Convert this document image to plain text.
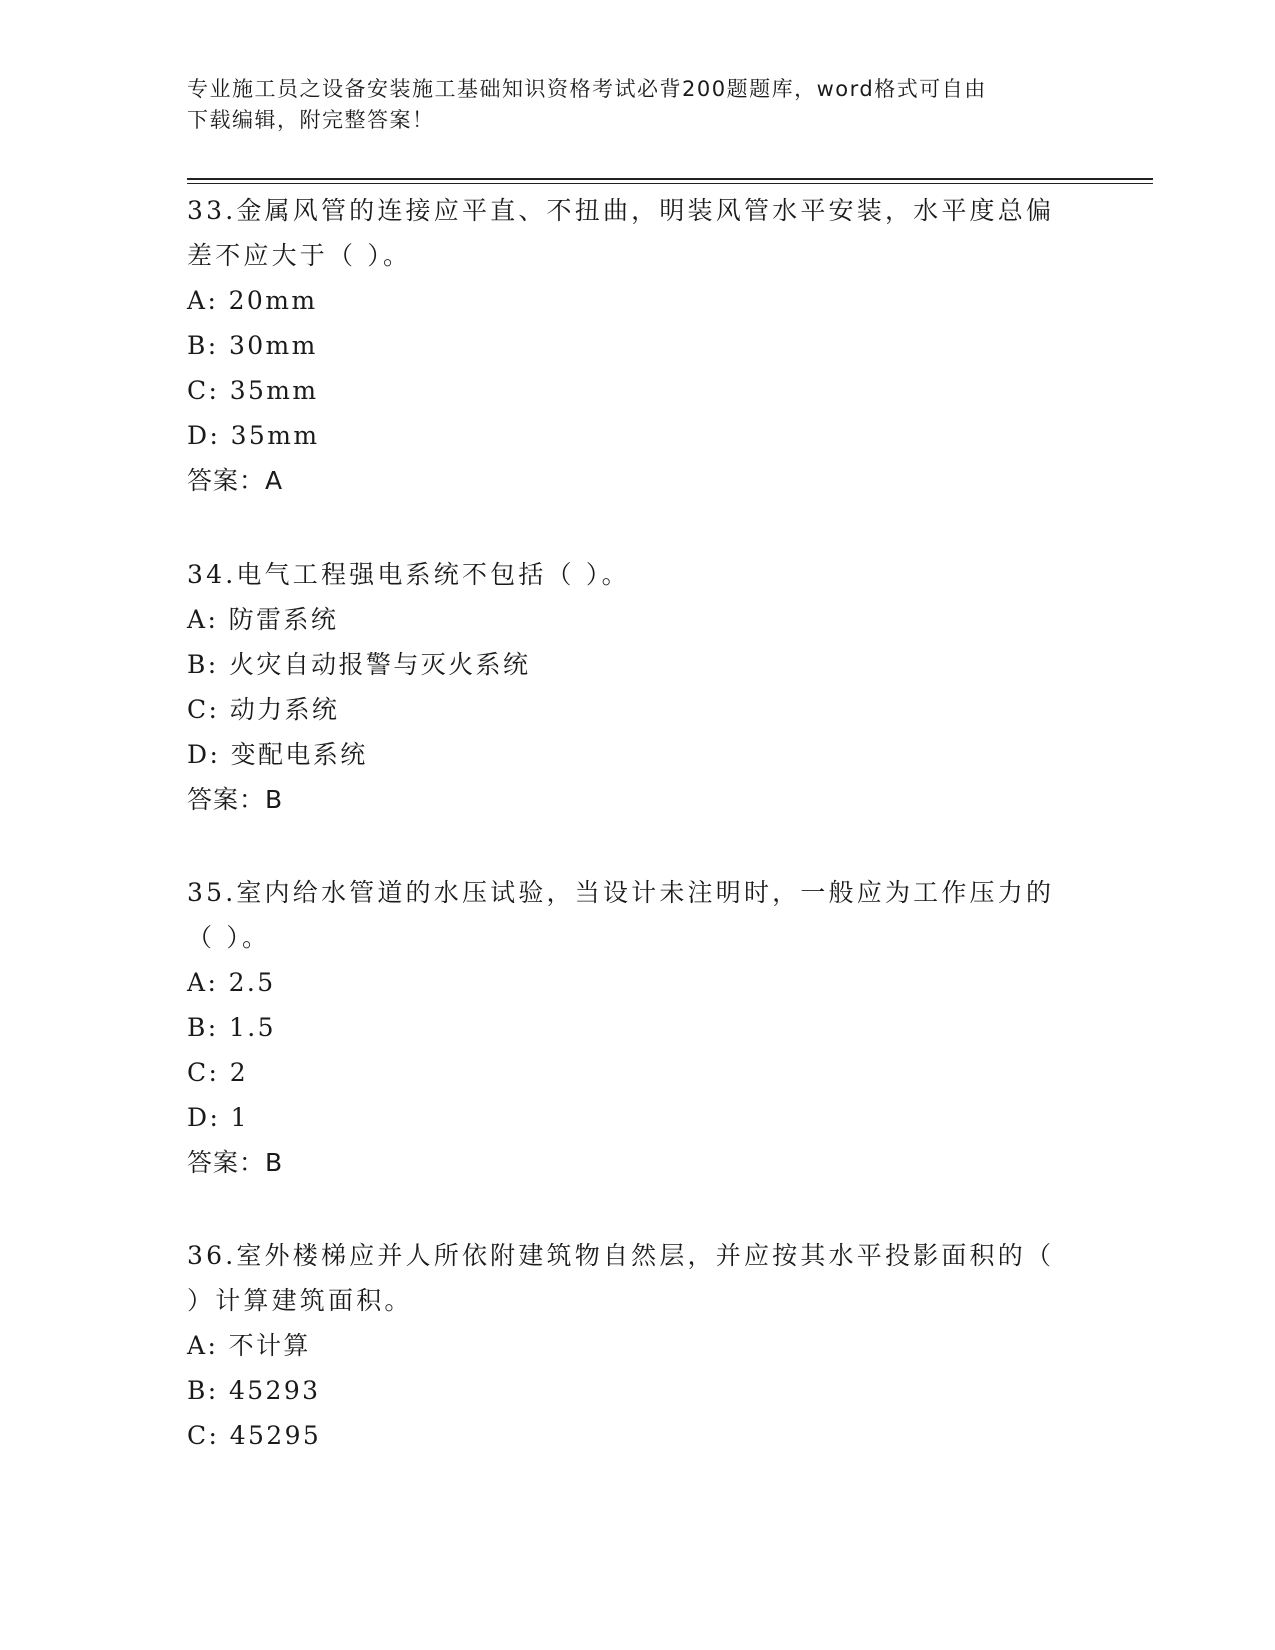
专业施工员之设备安装施工基础知识资格考试必背200题题库，word格式可自由
下载编辑，附完整答案！

33.金属风管的连接应平直、不扭曲，明装风管水平安装，水平度总偏

差不应大于（ ）。

A: 20mm

B: 30mm

C: 35mm

D: 35mm

答案：A

34.电气工程强电系统不包括（ ）。

A: 防雷系统

B: 火灾自动报警与灭火系统

C: 动力系统

D: 变配电系统

答案：B

35.室内给水管道的水压试验，当设计未注明时，一般应为工作压力的

（ ）。

A: 2.5

B: 1.5

C: 2

D: 1

答案：B

36.室外楼梯应并人所依附建筑物自然层，并应按其水平投影面积的（

）计算建筑面积。

A: 不计算

B: 45293

C: 45295
